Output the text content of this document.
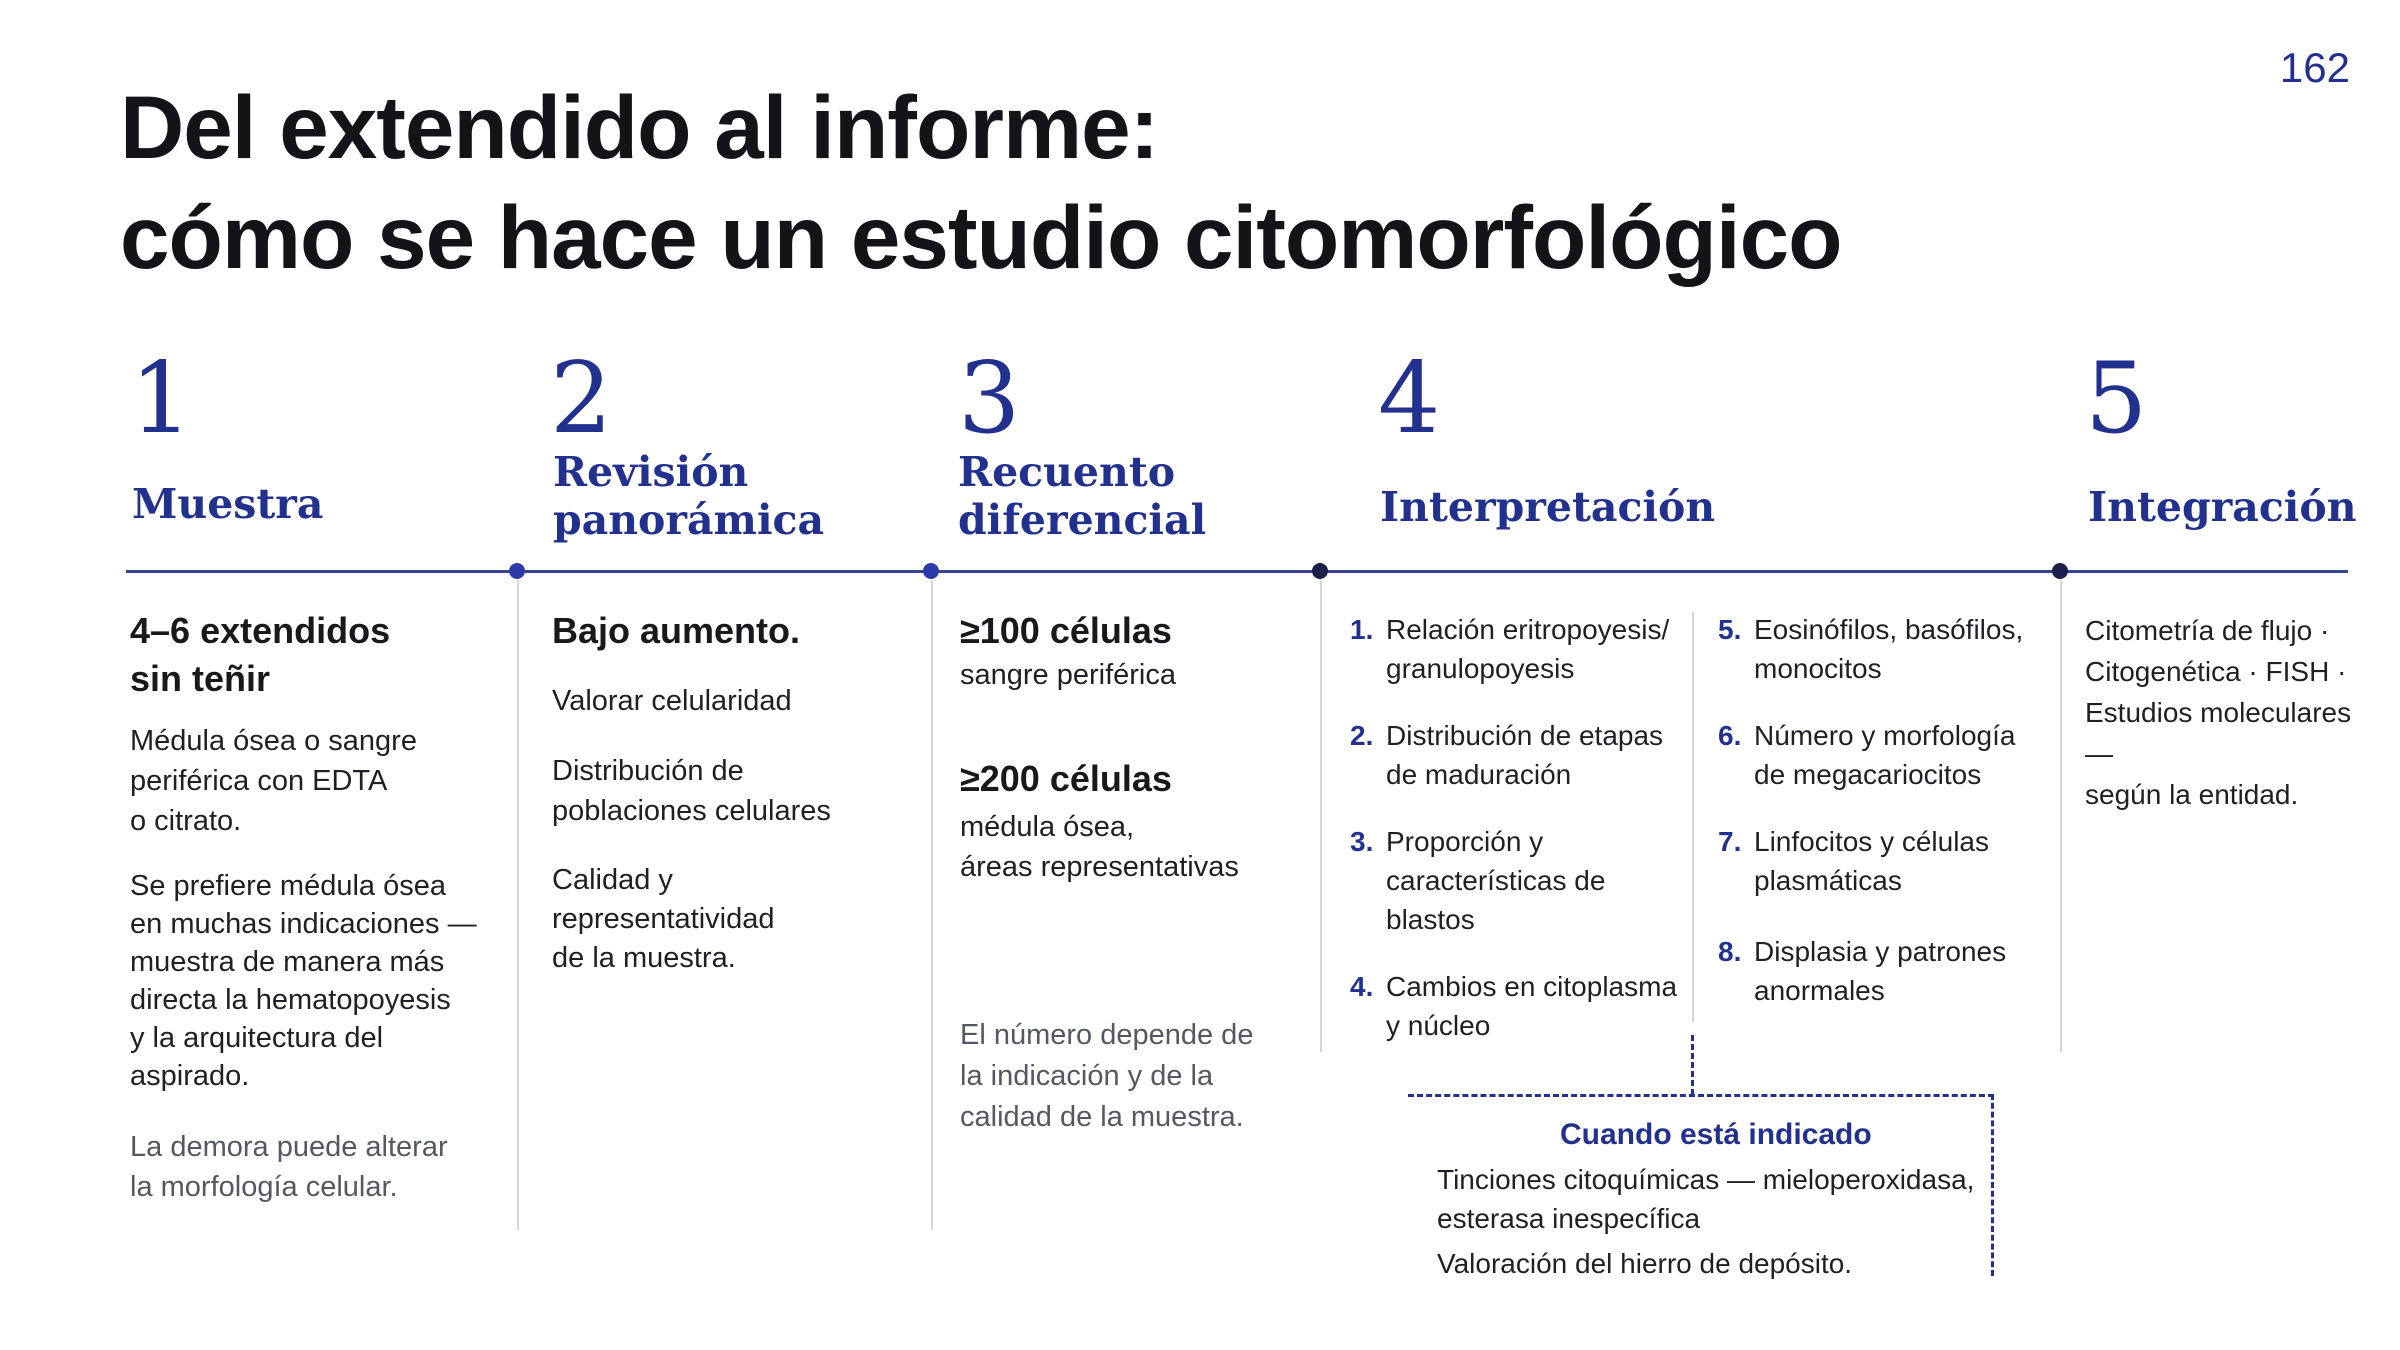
162
Del extendido al informe:
cómo se hace un estudio citomorfológico
1
Muestra
2
Revisión
panorámica
3
Recuento
diferencial
4
Interpretación
5
Integración
4–6 extendidos
sin teñir
Médula ósea o sangre
periférica con EDTA
o citrato.
Se prefiere médula ósea
en muchas indicaciones —
muestra de manera más
directa la hematopoyesis
y la arquitectura del
aspirado.
La demora puede alterar
la morfología celular.
Bajo aumento.
Valorar celularidad
Distribución de
poblaciones celulares
Calidad y
representatividad
de la muestra.
≥100 células
sangre periférica
≥200 células
médula ósea,
áreas representativas
El número depende de
la indicación y de la
calidad de la muestra.
1. Relación eritropoyesis/
granulopoyesis
2. Distribución de etapas
de maduración
3. Proporción y
características de
blastos
4. Cambios en citoplasma
y núcleo
5. Eosinófilos, basófilos,
monocitos
6. Número y morfología
de megacariocitos
7. Linfocitos y células
plasmáticas
8. Displasia y patrones
anormales
Citometría de flujo ·
Citogenética · FISH ·
Estudios moleculares —
según la entidad.
Cuando está indicado
Tinciones citoquímicas — mieloperoxidasa,
esterasa inespecífica
Valoración del hierro de depósito.
